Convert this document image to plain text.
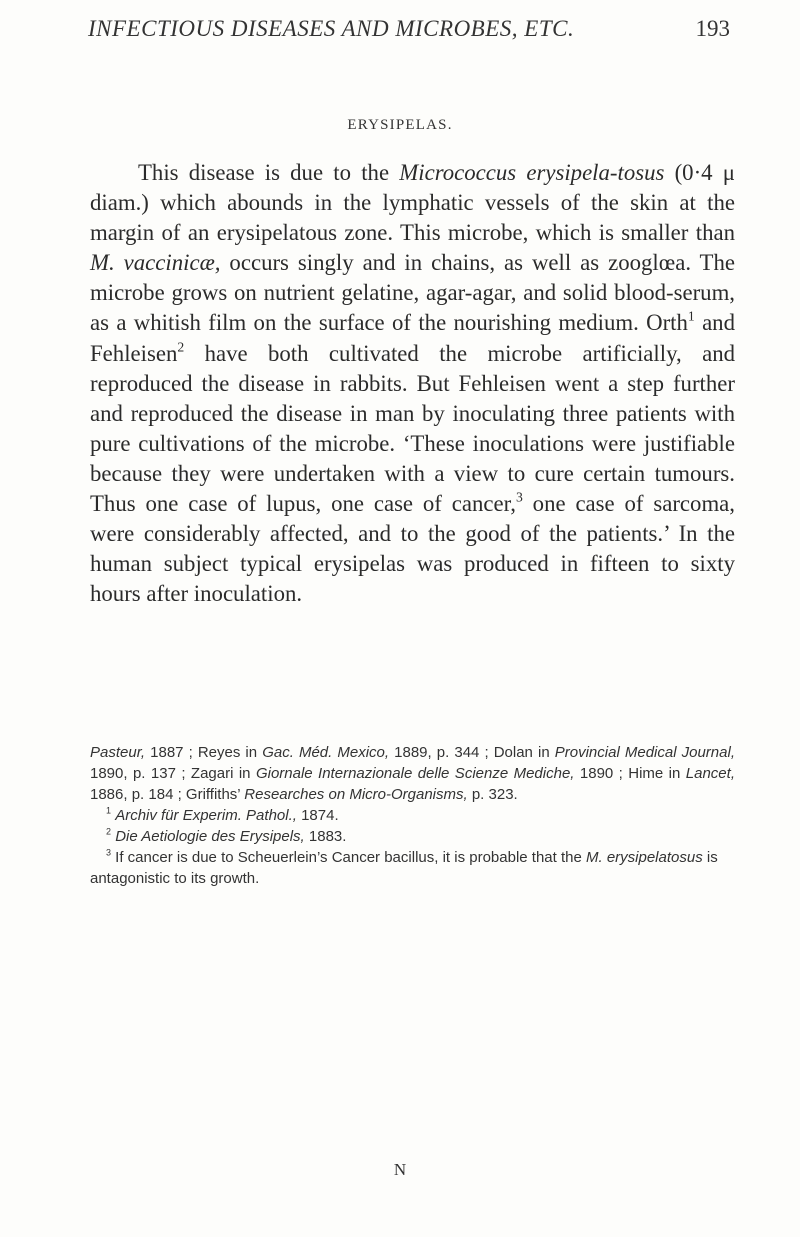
INFECTIOUS DISEASES AND MICROBES, ETC.	193
ERYSIPELAS.

This disease is due to the Micrococcus erysipela-tosus (0·4 μ diam.) which abounds in the lymphatic vessels of the skin at the margin of an erysipelatous zone. This microbe, which is smaller than M. vaccinicæ, occurs singly and in chains, as well as zooglœa. The microbe grows on nutrient gelatine, agar-agar, and solid blood-serum, as a whitish film on the surface of the nourishing medium. Orth$^1$ and Fehleisen$^2$ have both cultivated the microbe artificially, and reproduced the disease in rabbits. But Fehleisen went a step further and reproduced the disease in man by inoculating three patients with pure cultivations of the microbe. ‘These inoculations were justifiable because they were undertaken with a view to cure certain tumours. Thus one case of lupus, one case of cancer,$^3$ one case of sarcoma, were considerably affected, and to the good of the patients.’ In the human subject typical erysipelas was produced in fifteen to sixty hours after inoculation.

Pasteur, 1887 ; Reyes in Gac. Méd. Mexico, 1889, p. 344 ; Dolan in Provincial Medical Journal, 1890, p. 137 ; Zagari in Giornale Internazionale delle Scienze Mediche, 1890 ; Hime in Lancet, 1886, p. 184 ; Griffiths’ Researches on Micro-Organisms, p. 323.

$^1$ Archiv für Experim. Pathol., 1874.

$^2$ Die Aetiologie des Erysipels, 1883.

$^3$ If cancer is due to Scheuerlein’s Cancer bacillus, it is probable that the M. erysipelatosus is antagonistic to its growth.

N
